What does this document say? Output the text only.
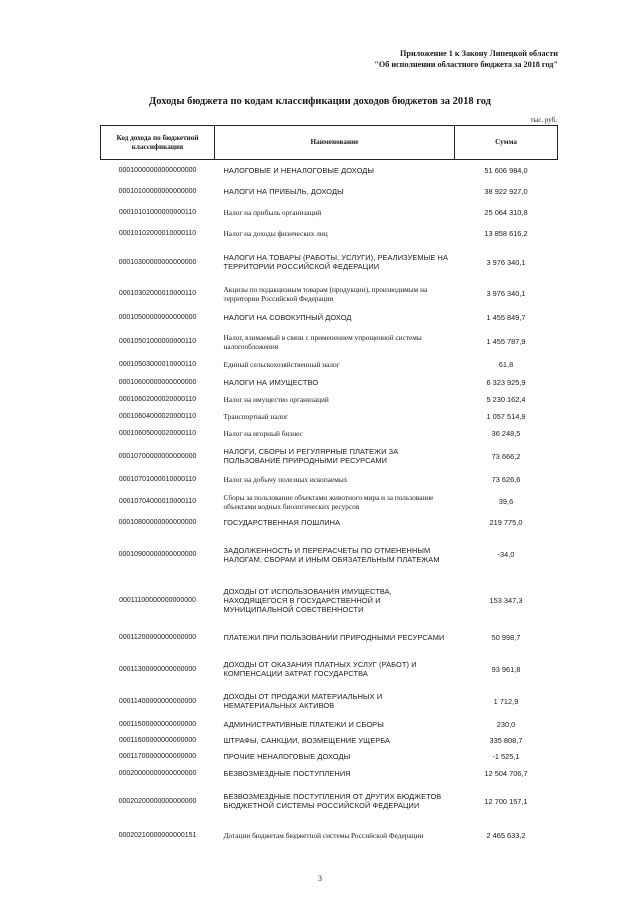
Приложение 1 к Закону Липецкой области
"Об исполнении областного бюджета за 2018 год"
Доходы бюджета по кодам классификации доходов бюджетов за 2018 год
тыс. руб.
Код дохода по бюджетной классификации	Наименование	Сумма
00010000000000000000	НАЛОГОВЫЕ И НЕНАЛОГОВЫЕ ДОХОДЫ	51 606 984,0
00010100000000000000	НАЛОГИ НА ПРИБЫЛЬ, ДОХОДЫ	38 922 927,0
00010101000000000110	Налог на прибыль организаций	25 064 310,8
00010102000010000110	Налог на доходы физических лиц	13 858 616,2
00010300000000000000	НАЛОГИ НА ТОВАРЫ (РАБОТЫ, УСЛУГИ), РЕАЛИЗУЕМЫЕ НА ТЕРРИТОРИИ РОССИЙСКОЙ ФЕДЕРАЦИИ	3 976 340,1
00010302000010000110	Акцизы по подакцизным товарам (продукции), производимым на территории Российской Федерации	3 976 340,1
00010500000000000000	НАЛОГИ НА СОВОКУПНЫЙ ДОХОД	1 455 849,7
00010501000000000110	Налог, взимаемый в связи с применением упрощенной системы налогообложения	1 455 787,9
00010503000010000110	Единый сельскохозяйственный налог	61,8
00010600000000000000	НАЛОГИ НА ИМУЩЕСТВО	6 323 925,9
00010602000020000110	Налог на имущество организаций	5 230 162,4
00010604000020000110	Транспортный налог	1 057 514,9
00010605000020000110	Налог на игорный бизнес	36 248,5
00010700000000000000	НАЛОГИ, СБОРЫ И РЕГУЛЯРНЫЕ ПЛАТЕЖИ ЗА ПОЛЬЗОВАНИЕ ПРИРОДНЫМИ РЕСУРСАМИ	73 666,2
00010701000010000110	Налог на добычу полезных ископаемых	73 626,6
00010704000010000110	Сборы за пользование объектами животного мира и за пользование объектами водных биологических ресурсов	39,6
00010800000000000000	ГОСУДАРСТВЕННАЯ ПОШЛИНА	219 775,0
00010900000000000000	ЗАДОЛЖЕННОСТЬ И ПЕРЕРАСЧЕТЫ ПО ОТМЕНЕННЫМ НАЛОГАМ, СБОРАМ И ИНЫМ ОБЯЗАТЕЛЬНЫМ ПЛАТЕЖАМ	-34,0
00011100000000000000	ДОХОДЫ ОТ ИСПОЛЬЗОВАНИЯ ИМУЩЕСТВА, НАХОДЯЩЕГОСЯ В ГОСУДАРСТВЕННОЙ И МУНИЦИПАЛЬНОЙ СОБСТВЕННОСТИ	153 347,3
00011200000000000000	ПЛАТЕЖИ ПРИ ПОЛЬЗОВАНИИ ПРИРОДНЫМИ РЕСУРСАМИ	50 998,7
00011300000000000000	ДОХОДЫ ОТ ОКАЗАНИЯ ПЛАТНЫХ УСЛУГ (РАБОТ) И КОМПЕНСАЦИИ ЗАТРАТ ГОСУДАРСТВА	93 961,8
00011400000000000000	ДОХОДЫ ОТ ПРОДАЖИ МАТЕРИАЛЬНЫХ И НЕМАТЕРИАЛЬНЫХ АКТИВОВ	1 712,9
00011500000000000000	АДМИНИСТРАТИВНЫЕ ПЛАТЕЖИ И СБОРЫ	230,0
00011600000000000000	ШТРАФЫ, САНКЦИИ, ВОЗМЕЩЕНИЕ УЩЕРБА	335 808,7
00011700000000000000	ПРОЧИЕ НЕНАЛОГОВЫЕ ДОХОДЫ	-1 525,1
00020000000000000000	БЕЗВОЗМЕЗДНЫЕ ПОСТУПЛЕНИЯ	12 504 706,7
00020200000000000000	БЕЗВОЗМЕЗДНЫЕ ПОСТУПЛЕНИЯ ОТ ДРУГИХ БЮДЖЕТОВ БЮДЖЕТНОЙ СИСТЕМЫ РОССИЙСКОЙ ФЕДЕРАЦИИ	12 700 157,1
00020210000000000151	Дотации бюджетам бюджетной системы Российской Федерации	2 465 633,2
3
